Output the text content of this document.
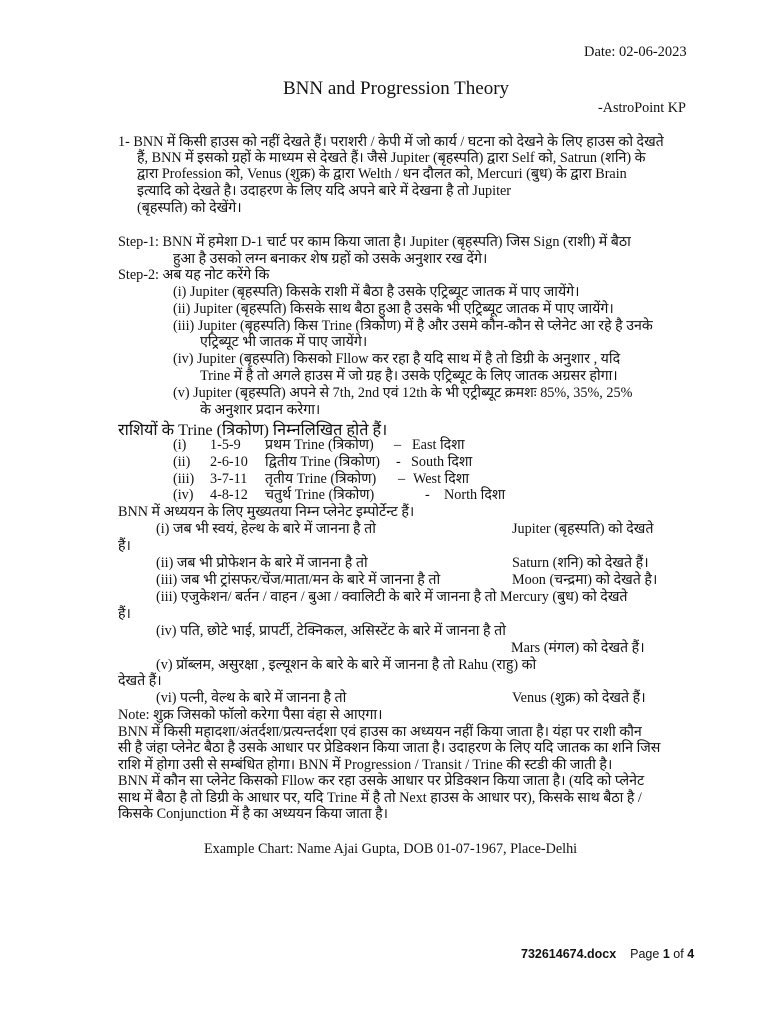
Date: 02-06-2023
BNN and Progression Theory
-AstroPoint KP
1- BNN में किसी हाउस को नहीं देखते हैं। पराशरी / केपी में जो कार्य / घटना को देखने के लिए हाउस को देखते
हैं, BNN में इसको ग्रहों के माध्यम से देखते हैं। जैसे Jupiter (बृहस्पति) द्वारा Self को, Satrun (शनि) के
द्वारा Profession को, Venus (शुक्र) के द्वारा Welth / धन दौलत को, Mercuri (बुध) के द्वारा Brain
इत्यादि को देखते है। उदाहरण के लिए यदि अपने बारे में देखना है तो Jupiter
(बृहस्पति) को देखेंगे।
Step-1: BNN में हमेशा D-1 चार्ट पर काम किया जाता है। Jupiter (बृहस्पति) जिस Sign (राशी) में बैठा
हुआ है उसको लग्न बनाकर शेष ग्रहों को उसके अनुशार रख देंगे।
Step-2: अब यह नोट करेंगे कि
(i) Jupiter (बृहस्पति) किसके राशी में बैठा है उसके एट्रिब्यूट जातक में पाए जायेंगे।
(ii) Jupiter (बृहस्पति) किसके साथ बैठा हुआ है उसके भी एट्रिब्यूट जातक में पाए जायेंगे।
(iii) Jupiter (बृहस्पति) किस Trine (त्रिकोण) में है और उसमे कौन-कौन से प्लेनेट आ रहे है उनके
एट्रिब्यूट भी जातक में पाए जायेंगे।
(iv) Jupiter (बृहस्पति) किसको Fllow कर रहा है यदि साथ में है तो डिग्री के अनुशार , यदि
Trine में है तो अगले हाउस में जो ग्रह है। उसके एट्रिब्यूट के लिए जातक अग्रसर होगा।
(v) Jupiter (बृहस्पति) अपने से 7th, 2nd एवं 12th के भी एट्रीब्यूट क्रमशः 85%, 35%, 25%
के अनुशार प्रदान करेगा।
राशियों के Trine (त्रिकोण) निम्नलिखित होते हैं।
(i) 1-5-9 प्रथम Trine (त्रिकोण) – East दिशा
(ii) 2-6-10 द्वितीय Trine (त्रिकोण) - South दिशा
(iii) 3-7-11 तृतीय Trine (त्रिकोण) – West दिशा
(iv) 4-8-12 चतुर्थ Trine (त्रिकोण)	- North दिशा
BNN में अध्ययन के लिए मुख्यतया निम्न प्लेनेट इम्पोर्टेन्ट हैं।
(i) जब भी स्वयं, हेल्थ के बारे में जानना है तो	Jupiter (बृहस्पति) को देखते
हैं।
(ii) जब भी प्रोफेशन के बारे में जानना है तो	Saturn (शनि) को देखते हैं।
(iii) जब भी ट्रांसफर/चेंज/माता/मन के बारे में जानना है तो	Moon (चन्द्रमा) को देखते है।
(iii) एजुकेशन/ बर्तन / वाहन / बुआ / क्वालिटी के बारे में जानना है तो Mercury (बुध) को देखते
हैं।
(iv) पति, छोटे भाई, प्रापर्टी, टेक्निकल, असिस्टेंट के बारे में जानना है तो
Mars (मंगल) को देखते हैं।
(v) प्रॉब्लम, असुरक्षा , इल्यूशन के बारे के बारे में जानना है तो Rahu (राहु) को
देखते हैं।
(vi) पत्नी, वेल्थ के बारे में जानना है तो	Venus (शुक्र) को देखते हैं।
Note: शुक्र जिसको फॉलो करेगा पैसा वंहा से आएगा।
BNN में किसी महादशा/अंतर्दशा/प्रत्यन्तर्दशा एवं हाउस का अध्ययन नहीं किया जाता है। यंहा पर राशी कौन
सी है जंहा प्लेनेट बैठा है उसके आधार पर प्रेडिक्शन किया जाता है। उदाहरण के लिए यदि जातक का शनि जिस
राशि में होगा उसी से सम्बंधित होगा। BNN में Progression / Transit / Trine की स्टडी की जाती है।
BNN में कौन सा प्लेनेट किसको Fllow कर रहा उसके आधार पर प्रेडिक्शन किया जाता है। (यदि को प्लेनेट
साथ में बैठा है तो डिग्री के आधार पर, यदि Trine में है तो Next हाउस के आधार पर), किसके साथ बैठा है /
किसके Conjunction में है का अध्ययन किया जाता है।
Example Chart: Name Ajai Gupta, DOB 01-07-1967, Place-Delhi
732614674.docx Page 1 of 4
